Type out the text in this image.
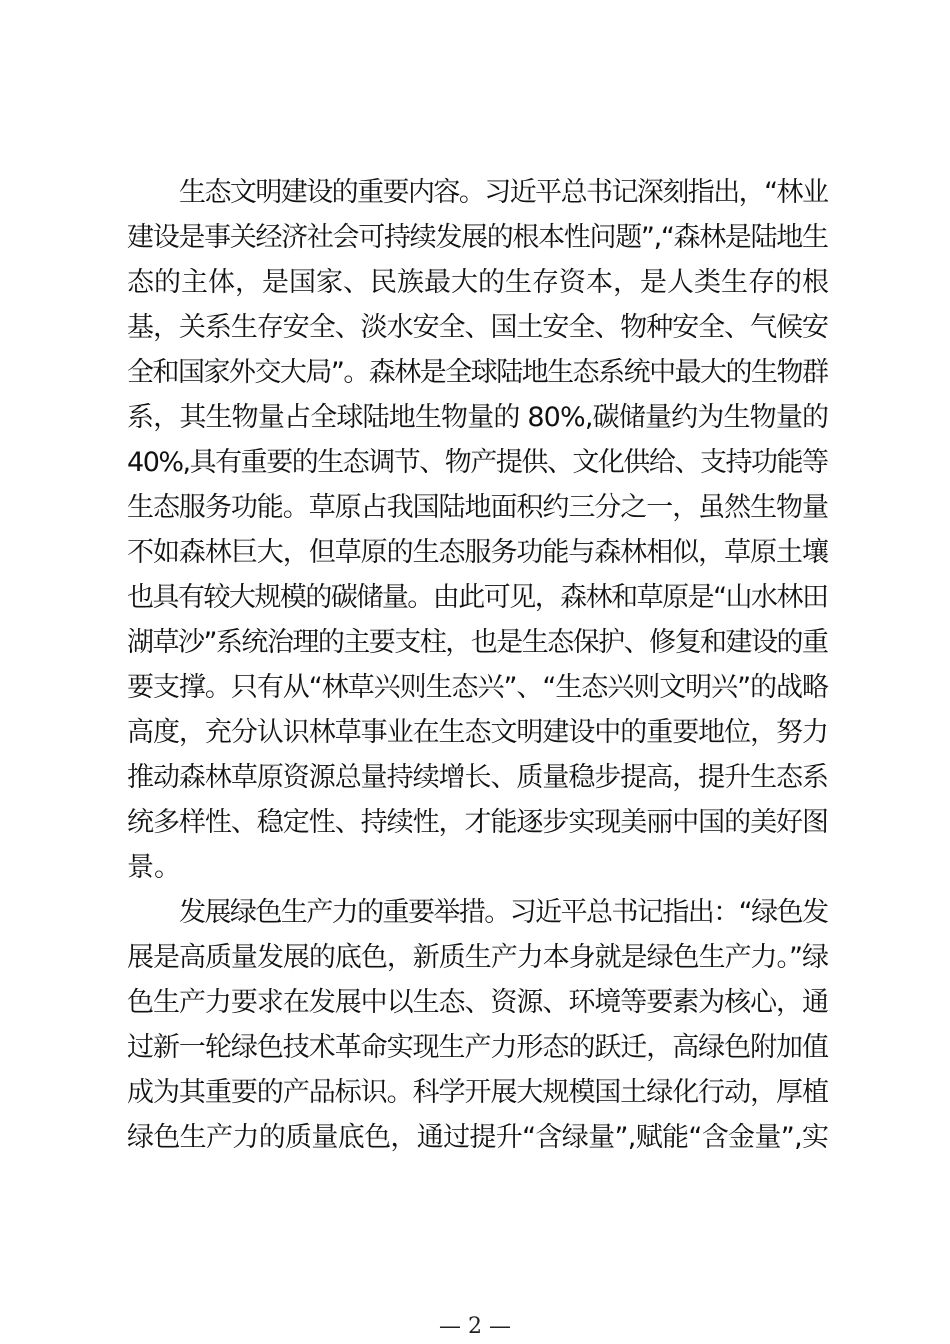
生态文明建设的重要内容。习近平总书记深刻指出，“林业
建设是事关经济社会可持续发展的根本性问题”,“森林是陆地生
态的主体，是国家、民族最大的生存资本，是人类生存的根
基，关系生存安全、淡水安全、国土安全、物种安全、气候安
全和国家外交大局”。森林是全球陆地生态系统中最大的生物群
系，其生物量占全球陆地生物量的 80%,碳储量约为生物量的
40%,具有重要的生态调节、物产提供、文化供给、支持功能等
生态服务功能。草原占我国陆地面积约三分之一，虽然生物量
不如森林巨大，但草原的生态服务功能与森林相似，草原土壤
也具有较大规模的碳储量。由此可见，森林和草原是“山水林田
湖草沙”系统治理的主要支柱，也是生态保护、修复和建设的重
要支撑。只有从“林草兴则生态兴”、“生态兴则文明兴”的战略
高度，充分认识林草事业在生态文明建设中的重要地位，努力
推动森林草原资源总量持续增长、质量稳步提高，提升生态系
统多样性、稳定性、持续性，才能逐步实现美丽中国的美好图
景。
发展绿色生产力的重要举措。习近平总书记指出：“绿色发
展是高质量发展的底色，新质生产力本身就是绿色生产力。”绿
色生产力要求在发展中以生态、资源、环境等要素为核心，通
过新一轮绿色技术革命实现生产力形态的跃迁，高绿色附加值
成为其重要的产品标识。科学开展大规模国土绿化行动，厚植
绿色生产力的质量底色，通过提升“含绿量”,赋能“含金量”,实
— 2 —
